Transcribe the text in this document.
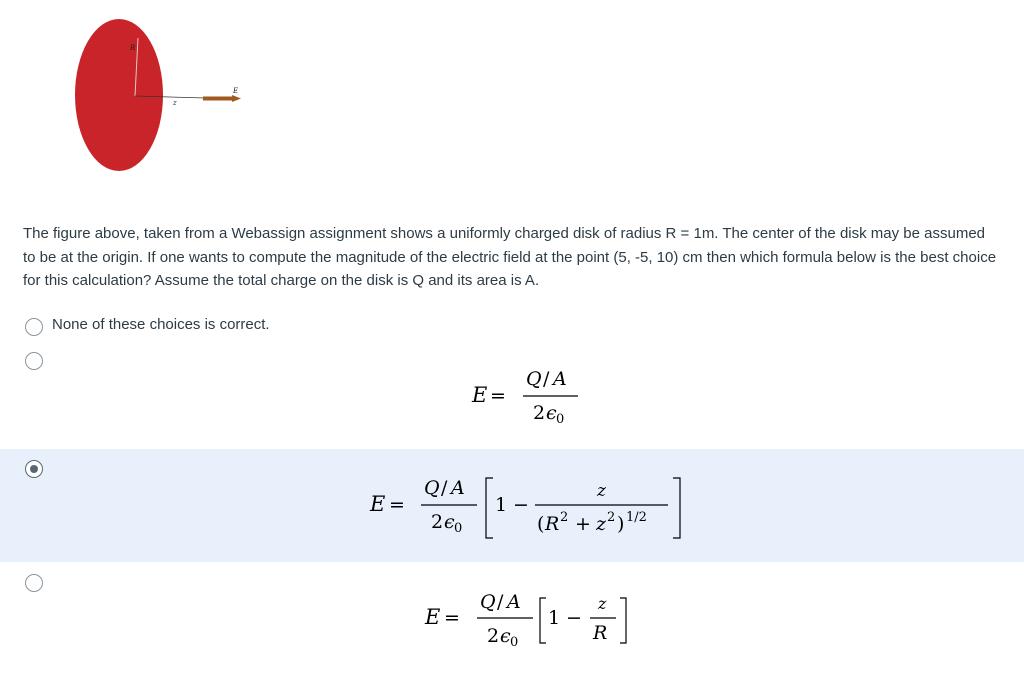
R
z
E
The figure above, taken from a Webassign assignment shows a uniformly charged disk of radius R = 1m. The center of the disk may be assumed to be at the origin. If one wants to compute the magnitude of the electric field at the point (5, -5, 10) cm then which formula below is the best choice for this calculation? Assume the total charge on the disk is Q and its area is A.
None of these choices is correct.
E =
Q / A
2 ϵ 0
E =
Q / A
2 ϵ 0
1 −
z
( R 2 + z 2 ) 1/2
E =
Q / A
2 ϵ 0
1 −
z
R
